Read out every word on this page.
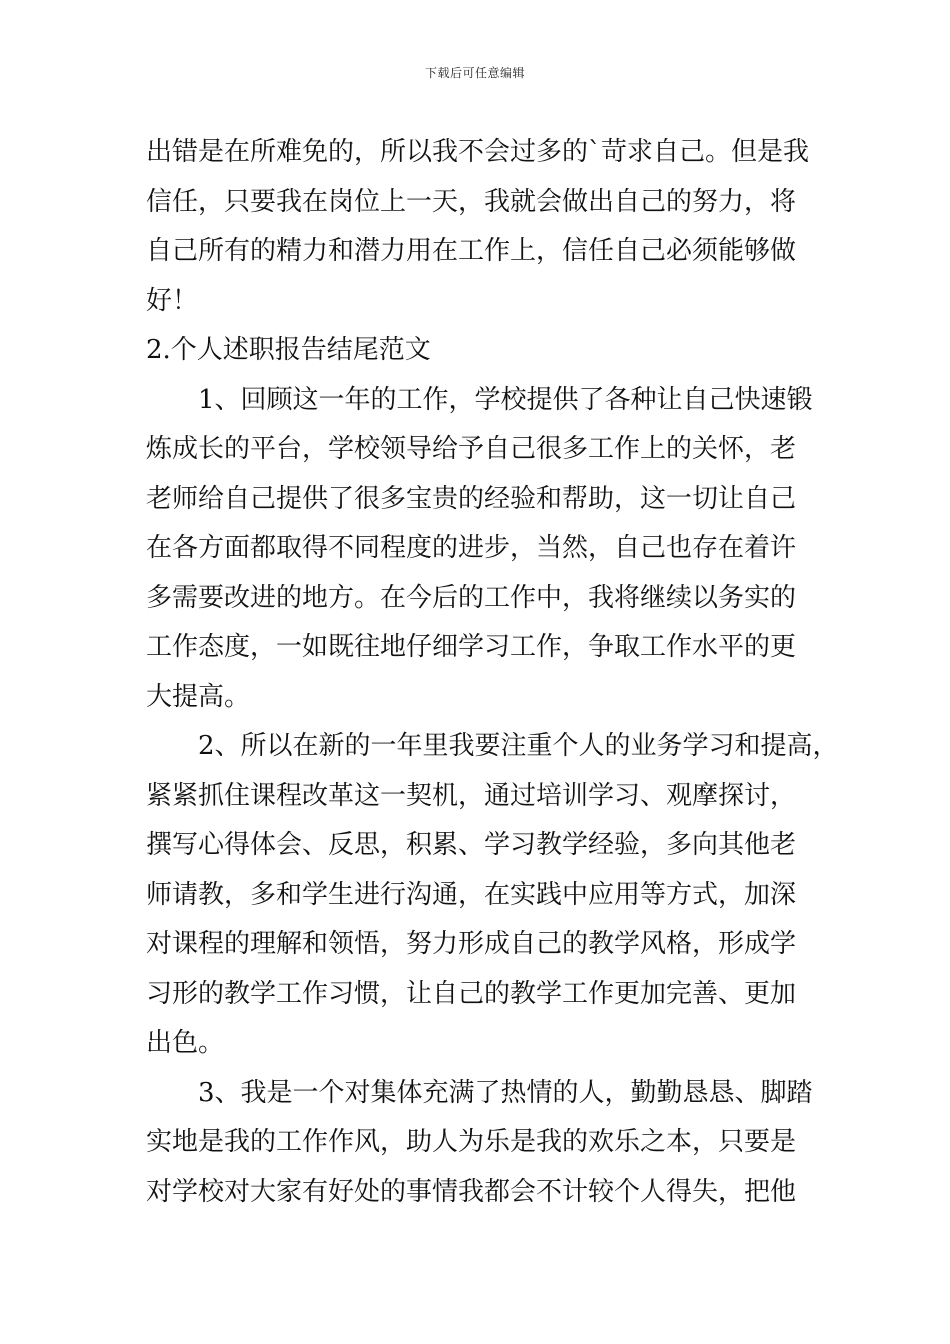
下载后可任意编辑
出错是在所难免的，所以我不会过多的`苛求自己。但是我
信任，只要我在岗位上一天，我就会做出自己的努力，将
自己所有的精力和潜力用在工作上，信任自己必须能够做
好！
2.个人述职报告结尾范文
1、回顾这一年的工作，学校提供了各种让自己快速锻
炼成长的平台，学校领导给予自己很多工作上的关怀，老
老师给自己提供了很多宝贵的经验和帮助，这一切让自己
在各方面都取得不同程度的进步，当然，自己也存在着许
多需要改进的地方。在今后的工作中，我将继续以务实的
工作态度，一如既往地仔细学习工作，争取工作水平的更
大提高。
2、所以在新的一年里我要注重个人的业务学习和提高，
紧紧抓住课程改革这一契机，通过培训学习、观摩探讨，
撰写心得体会、反思，积累、学习教学经验，多向其他老
师请教，多和学生进行沟通，在实践中应用等方式，加深
对课程的理解和领悟，努力形成自己的教学风格，形成学
习形的教学工作习惯，让自己的教学工作更加完善、更加
出色。
3、我是一个对集体充满了热情的人，勤勤恳恳、脚踏
实地是我的工作作风，助人为乐是我的欢乐之本，只要是
对学校对大家有好处的事情我都会不计较个人得失，把他
